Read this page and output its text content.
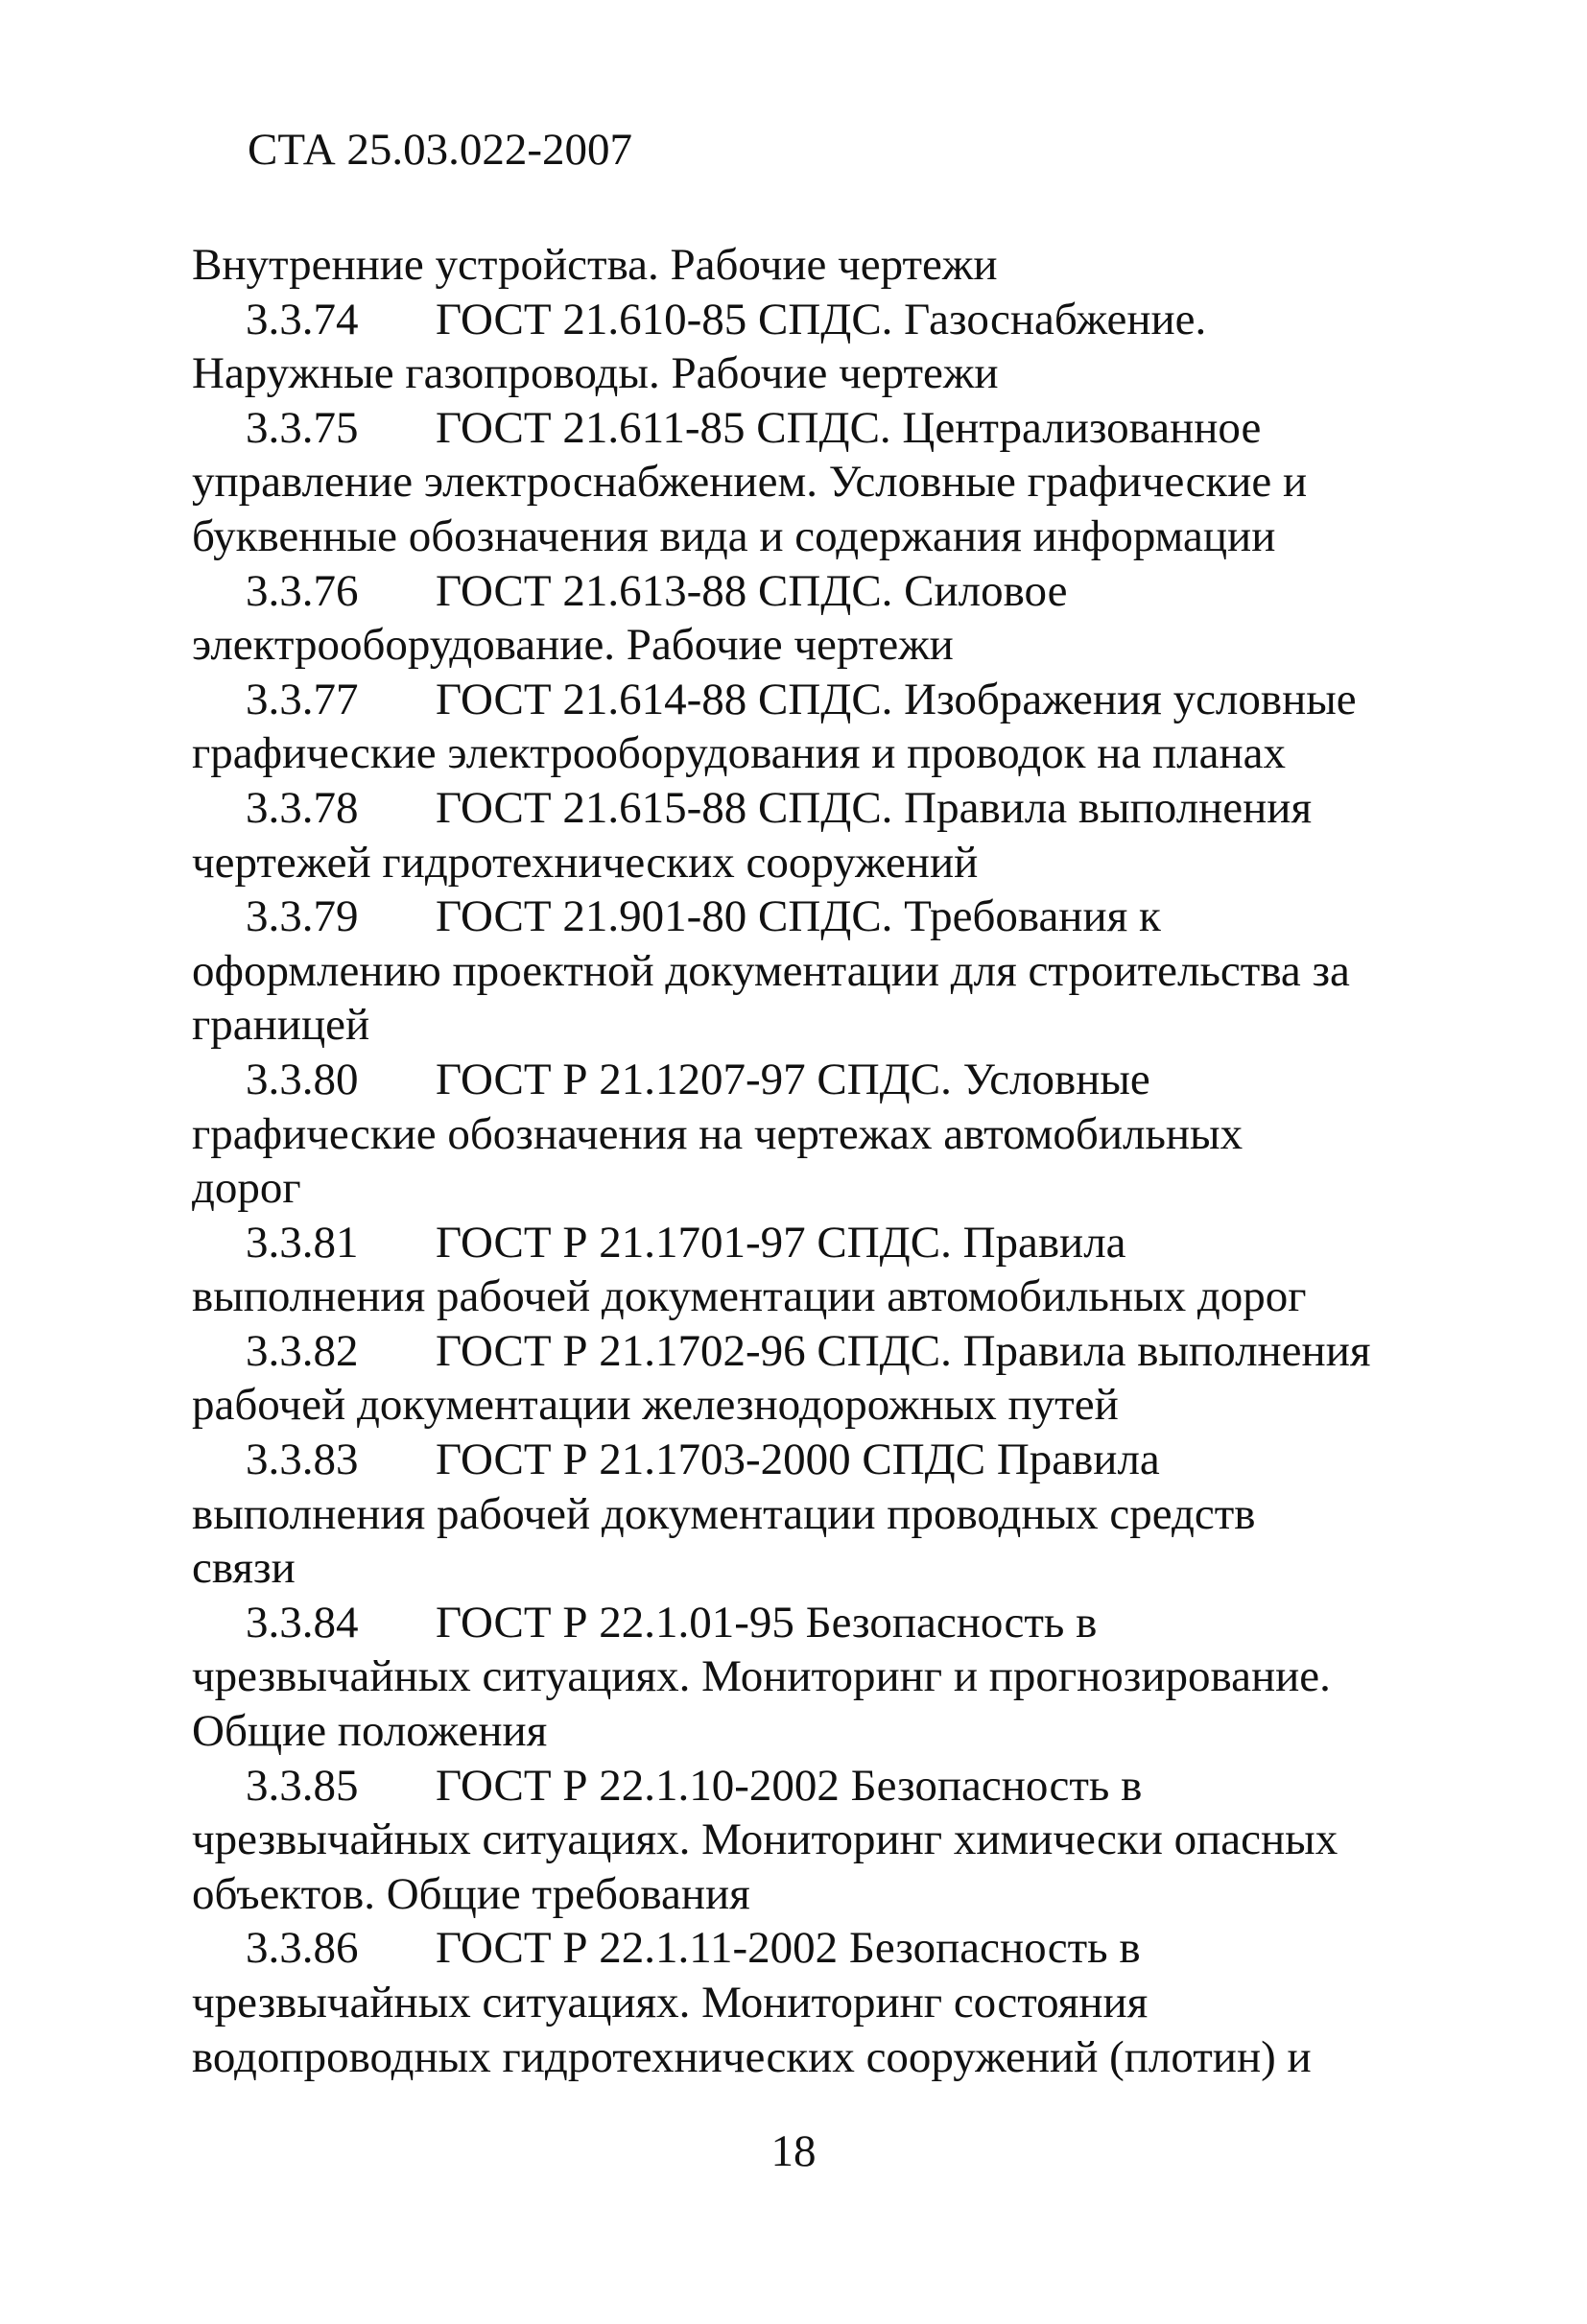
СТА 25.03.022-2007
Внутренние устройства. Рабочие чертежи
3.3.74 ГОСТ 21.610-85 СПДС. Газоснабжение.
Наружные газопроводы. Рабочие чертежи
3.3.75 ГОСТ 21.611-85 СПДС. Централизованное
управление электроснабжением. Условные графические и
буквенные обозначения вида и содержания информации
3.3.76 ГОСТ 21.613-88 СПДС. Силовое
электрооборудование. Рабочие чертежи
3.3.77 ГОСТ 21.614-88 СПДС. Изображения условные
графические электрооборудования и проводок на планах
3.3.78 ГОСТ 21.615-88 СПДС. Правила выполнения
чертежей гидротехнических сооружений
3.3.79 ГОСТ 21.901-80 СПДС. Требования к
оформлению проектной документации для строительства за
границей
3.3.80 ГОСТ Р 21.1207-97 СПДС. Условные
графические обозначения на чертежах автомобильных
дорог
3.3.81 ГОСТ Р 21.1701-97 СПДС. Правила
выполнения рабочей документации автомобильных дорог
3.3.82 ГОСТ Р 21.1702-96 СПДС. Правила выполнения
рабочей документации железнодорожных путей
3.3.83 ГОСТ Р 21.1703-2000 СПДС Правила
выполнения рабочей документации проводных средств
связи
3.3.84 ГОСТ Р 22.1.01-95 Безопасность в
чрезвычайных ситуациях. Мониторинг и прогнозирование.
Общие положения
3.3.85 ГОСТ Р 22.1.10-2002 Безопасность в
чрезвычайных ситуациях. Мониторинг химически опасных
объектов. Общие требования
3.3.86 ГОСТ Р 22.1.11-2002 Безопасность в
чрезвычайных ситуациях. Мониторинг состояния
водопроводных гидротехнических сооружений (плотин) и
18
